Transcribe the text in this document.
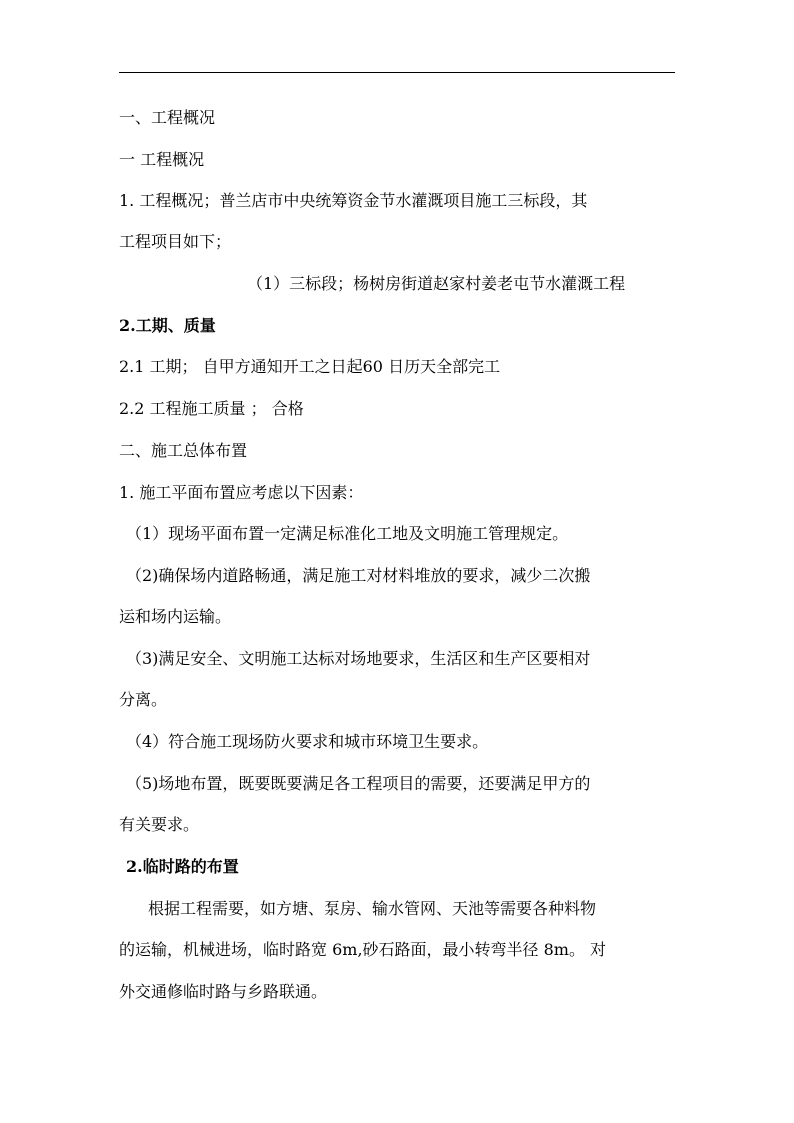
一、工程概况
一 工程概况
1. 工程概况；普兰店市中央统筹资金节水灌溉项目施工三标段，其
工程项目如下；
（1）三标段；杨树房街道赵家村姜老屯节水灌溉工程
2.工期、质量
2.1 工期； 自甲方通知开工之日起60 日历天全部完工
2.2 工程施工质量 ； 合格
二、施工总体布置
1. 施工平面布置应考虑以下因素：
（1）现场平面布置一定满足标准化工地及文明施工管理规定。
（2)确保场内道路畅通，满足施工对材料堆放的要求，减少二次搬
运和场内运输。
（3)满足安全、文明施工达标对场地要求，生活区和生产区要相对
分离。
（4）符合施工现场防火要求和城市环境卫生要求。
（5)场地布置，既要既要满足各工程项目的需要，还要满足甲方的
有关要求。
2.临时路的布置
根据工程需要，如方塘、泵房、输水管网、天池等需要各种料物
的运输，机械进场，临时路宽 6m,砂石路面，最小转弯半径 8m。 对
外交通修临时路与乡路联通。
